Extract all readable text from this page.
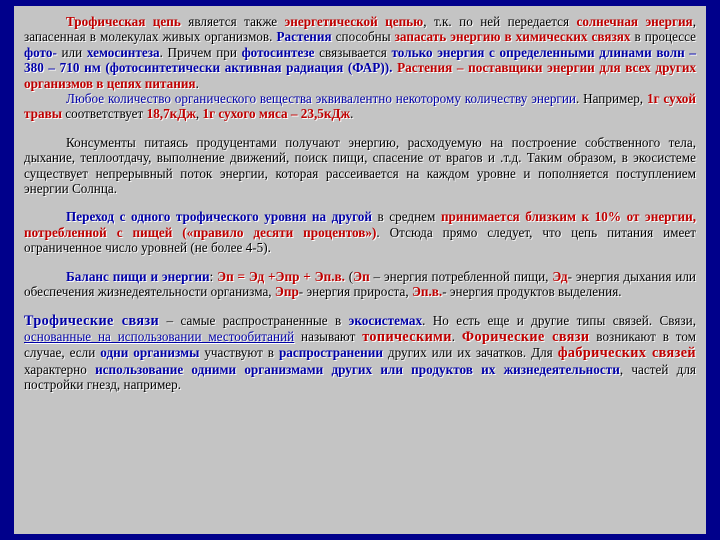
Трофическая цепь является также энергетической цепью, т.к. по ней передается солнечная энергия, запасенная в молекулах живых организмов. Растения способны запасать энергию в химических связях в процессе фото- или хемосинтеза. Причем при фотосинтезе связывается только энергия с определенными длинами волн – 380 – 710 нм (фотосинтетически активная радиация (ФАР)). Растения – поставщики энергии для всех других организмов в цепях питания.

Любое количество органического вещества эквивалентно некоторому количеству энергии. Например, 1г сухой травы соответствует 18,7кДж, 1г сухого мяса – 23,5кДж.

Консументы питаясь продуцентами получают энергию, расходуемую на построение собственного тела, дыхание, теплоотдачу, выполнение движений, поиск пищи, спасение от врагов и .т.д. Таким образом, в экосистеме существует непрерывный поток энергии, которая рассеивается на каждом уровне и пополняется поступлением энергии Солнца.

Переход с одного трофического уровня на другой в среднем принимается близким к 10% от энергии, потребленной с пищей («правило десяти процентов»). Отсюда прямо следует, что цепь питания имеет ограниченное число уровней (не более 4-5).

Баланс пищи и энергии: Эп = Эд +Эпр + Эп.в. (Эп – энергия потребленной пищи, Эд- энергия дыхания или обеспечения жизнедеятельности организма, Эпр- энергия прироста, Эп.в.- энергия продуктов выделения.

Трофические связи – самые распространенные в экосистемах. Но есть еще и другие типы связей. Связи, основанные на использовании местообитаний называют топическими. Форические связи возникают в том случае, если одни организмы участвуют в распространении других или их зачатков. Для фабрических связей характерно использование одними организмами других или продуктов их жизнедеятельности, частей для постройки гнезд, например.
